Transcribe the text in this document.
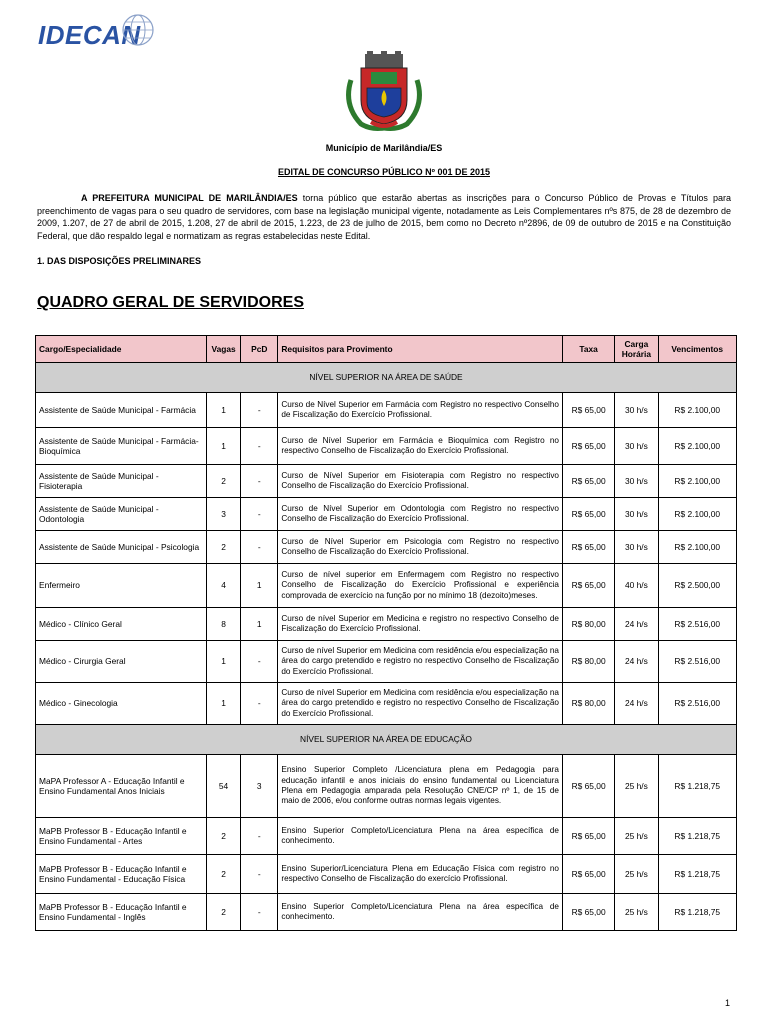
IDECAN
Município de Marilândia/ES
EDITAL DE CONCURSO PÚBLICO Nº 001 DE 2015
A PREFEITURA MUNICIPAL DE MARILÂNDIA/ES torna público que estarão abertas as inscrições para o Concurso Público de Provas e Títulos para preenchimento de vagas para o seu quadro de servidores, com base na legislação municipal vigente, notadamente as Leis Complementares nºs 875, de 28 de dezembro de 2009, 1.207, de 27 de abril de 2015, 1.208, 27 de abril de 2015, 1.223, de 23 de julho de 2015, bem como no Decreto nº2896, de 09 de outubro de 2015 e na Constituição Federal, que dão respaldo legal e normatizam as regras estabelecidas neste Edital.
1. DAS DISPOSIÇÕES PRELIMINARES
QUADRO GERAL DE SERVIDORES
Cargo/Especialidade	Vagas	PcD	Requisitos para Provimento	Taxa	Carga Horária	Vencimentos
NÍVEL SUPERIOR NA ÁREA DE SAÚDE						
Assistente de Saúde Municipal - Farmácia	1	-	Curso de Nível Superior em Farmácia com Registro no respectivo Conselho de Fiscalização do Exercício Profissional.	R$ 65,00	30 h/s	R$ 2.100,00
Assistente de Saúde Municipal - Farmácia-Bioquímica	1	-	Curso de Nível Superior em Farmácia e Bioquímica com Registro no respectivo Conselho de Fiscalização do Exercício Profissional.	R$ 65,00	30 h/s	R$ 2.100,00
Assistente de Saúde Municipal - Fisioterapia	2	-	Curso de Nível Superior em Fisioterapia com Registro no respectivo Conselho de Fiscalização do Exercício Profissional.	R$ 65,00	30 h/s	R$ 2.100,00
Assistente de Saúde Municipal - Odontologia	3	-	Curso de Nível Superior em Odontologia com Registro no respectivo Conselho de Fiscalização do Exercício Profissional.	R$ 65,00	30 h/s	R$ 2.100,00
Assistente de Saúde Municipal - Psicologia	2	-	Curso de Nível Superior em Psicologia com Registro no respectivo Conselho de Fiscalização do Exercício Profissional.	R$ 65,00	30 h/s	R$ 2.100,00
Enfermeiro	4	1	Curso de nível superior em Enfermagem com Registro no respectivo Conselho de Fiscalização do Exercício Profissional e experiência comprovada de exercício na função por no mínimo 18 (dezoito)meses.	R$ 65,00	40 h/s	R$ 2.500,00
Médico - Clínico Geral	8	1	Curso de nível Superior em Medicina e registro no respectivo Conselho de Fiscalização do Exercício Profissional.	R$ 80,00	24 h/s	R$ 2.516,00
Médico - Cirurgia Geral	1	-	Curso de nível Superior em Medicina com residência e/ou especialização na área do cargo pretendido e registro no respectivo Conselho de Fiscalização do Exercício Profissional.	R$ 80,00	24 h/s	R$ 2.516,00
Médico - Ginecologia	1	-	Curso de nível Superior em Medicina com residência e/ou especialização na área do cargo pretendido e registro no respectivo Conselho de Fiscalização do Exercício Profissional.	R$ 80,00	24 h/s	R$ 2.516,00
NÍVEL SUPERIOR NA ÁREA DE EDUCAÇÃO						
MaPA Professor A - Educação Infantil e Ensino Fundamental Anos Iniciais	54	3	Ensino Superior Completo /Licenciatura plena em Pedagogia para educação infantil e anos iniciais do ensino fundamental ou Licenciatura Plena em Pedagogia amparada pela Resolução CNE/CP nº 1, de 15 de maio de 2006, e/ou conforme outras normas legais vigentes.	R$ 65,00	25 h/s	R$ 1.218,75
MaPB Professor B - Educação Infantil e Ensino Fundamental - Artes	2	-	Ensino Superior Completo/Licenciatura Plena na área específica de conhecimento.	R$ 65,00	25 h/s	R$ 1.218,75
MaPB Professor B - Educação Infantil e Ensino Fundamental - Educação Física	2	-	Ensino Superior/Licenciatura Plena em Educação Física com registro no respectivo Conselho de Fiscalização do exercício Profissional.	R$ 65,00	25 h/s	R$ 1.218,75
MaPB Professor B - Educação Infantil e Ensino Fundamental - Inglês	2	-	Ensino Superior Completo/Licenciatura Plena na área específica de conhecimento.	R$ 65,00	25 h/s	R$ 1.218,75
1
